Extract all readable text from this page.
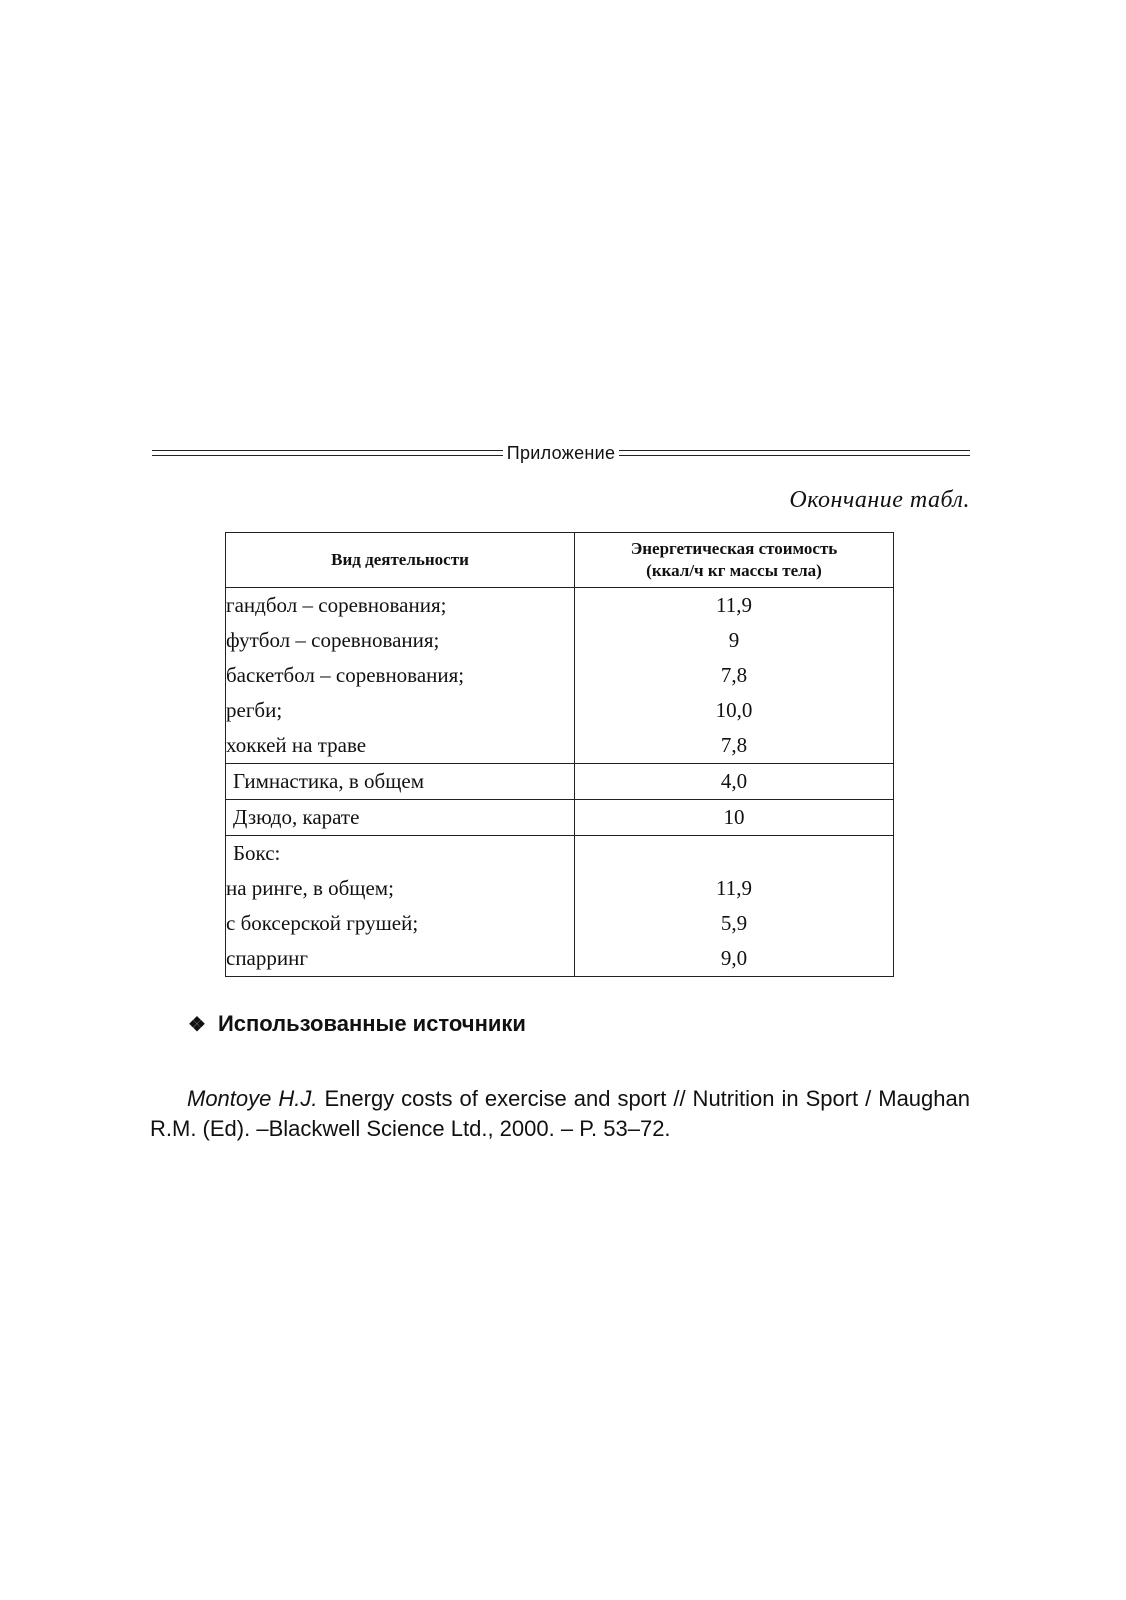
Приложение
Окончание табл.
Вид деятельности	Энергетическая стоимость
(ккал/ч кг массы тела)
гандбол – соревнования;	11,9
футбол – соревнования;	9
баскетбол – соревнования;	7,8
регби;	10,0
хоккей на траве	7,8
Гимнастика, в общем	4,0
Дзюдо, карате	10
Бокс:	
на ринге, в общем;	11,9
с боксерской грушей;	5,9
спарринг	9,0
❖ Использованные источники

Montoye H.J. Energy costs of exercise and sport // Nutrition in Sport / Maughan R.M. (Ed). –Blackwell Science Ltd., 2000. – P. 53–72.
